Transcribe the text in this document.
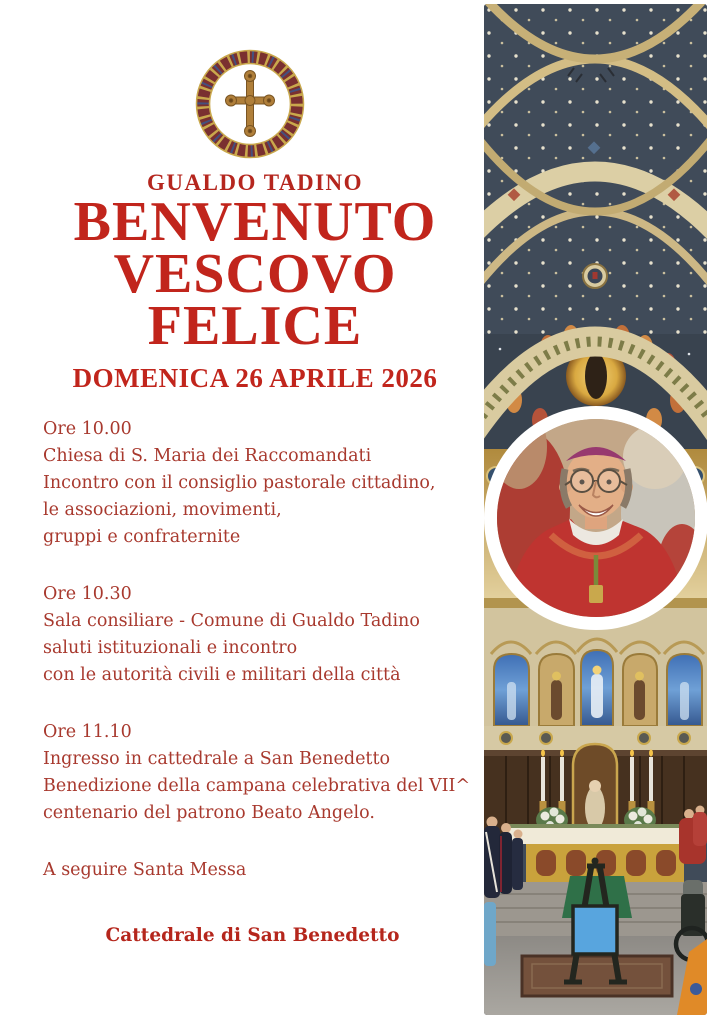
GUALDO TADINO
BENVENUTO
VESCOVO
FELICE
DOMENICA 26 APRILE 2026
Ore 10.00
Chiesa di S. Maria dei Raccomandati
Incontro con il consiglio pastorale cittadino,
le associazioni, movimenti,
gruppi e confraternite
Ore 10.30
Sala consiliare - Comune di Gualdo Tadino
saluti istituzionali e incontro
con le autorità civili e militari della città
Ore 11.10
Ingresso in cattedrale a San Benedetto
Benedizione della campana celebrativa del VII^
centenario del patrono Beato Angelo.
A seguire Santa Messa
Cattedrale di San Benedetto
